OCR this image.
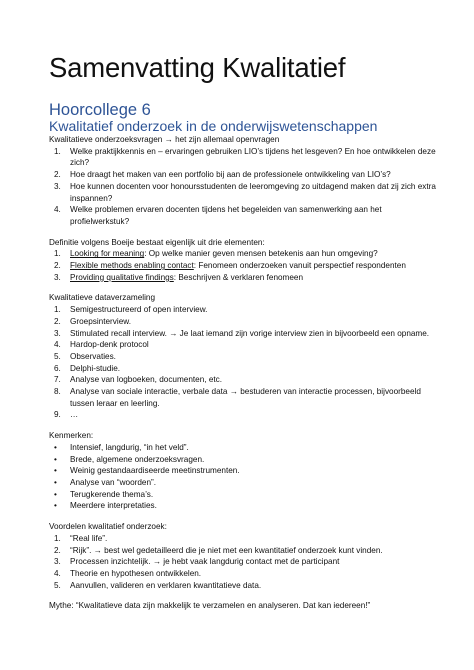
Samenvatting Kwalitatief
Hoorcollege 6
Kwalitatief onderzoek in de onderwijswetenschappen

Kwalitatieve onderzoeksvragen → het zijn allemaal openvragen

1. Welke praktijkkennis en – ervaringen gebruiken LIO’s tijdens het lesgeven? En hoe ontwikkelen deze zich?
2. Hoe draagt het maken van een portfolio bij aan de professionele ontwikkeling van LIO’s?
3. Hoe kunnen docenten voor honoursstudenten de leeromgeving zo uitdagend maken dat zij zich extra inspannen?
4. Welke problemen ervaren docenten tijdens het begeleiden van samenwerking aan het profielwerkstuk?

Definitie volgens Boeije bestaat eigenlijk uit drie elementen:

1. Looking for meaning: Op welke manier geven mensen betekenis aan hun omgeving?
2. Flexible methods enabling contact: Fenomeen onderzoeken vanuit perspectief respondenten
3. Providing qualitative findings: Beschrijven & verklaren fenomeen

Kwalitatieve dataverzameling

1. Semigestructureerd of open interview.
2. Groepsinterview.
3. Stimulated recall interview. → Je laat iemand zijn vorige interview zien in bijvoorbeeld een opname.
4. Hardop-denk protocol
5. Observaties.
6. Delphi-studie.
7. Analyse van logboeken, documenten, etc.
8. Analyse van sociale interactie, verbale data → bestuderen van interactie processen, bijvoorbeeld tussen leraar en leerling.
9. …

Kenmerken:

• Intensief, langdurig, “in het veld”.
• Brede, algemene onderzoeksvragen.
• Weinig gestandaardiseerde meetinstrumenten.
• Analyse van “woorden”.
• Terugkerende thema’s.
• Meerdere interpretaties.

Voordelen kwalitatief onderzoek:

1. “Real life”.
2. “Rijk”. → best wel gedetailleerd die je niet met een kwantitatief onderzoek kunt vinden.
3. Processen inzichtelijk. → je hebt vaak langdurig contact met de participant
4. Theorie en hypothesen ontwikkelen.
5. Aanvullen, valideren en verklaren kwantitatieve data.

Mythe: “Kwalitatieve data zijn makkelijk te verzamelen en analyseren. Dat kan iedereen!”
